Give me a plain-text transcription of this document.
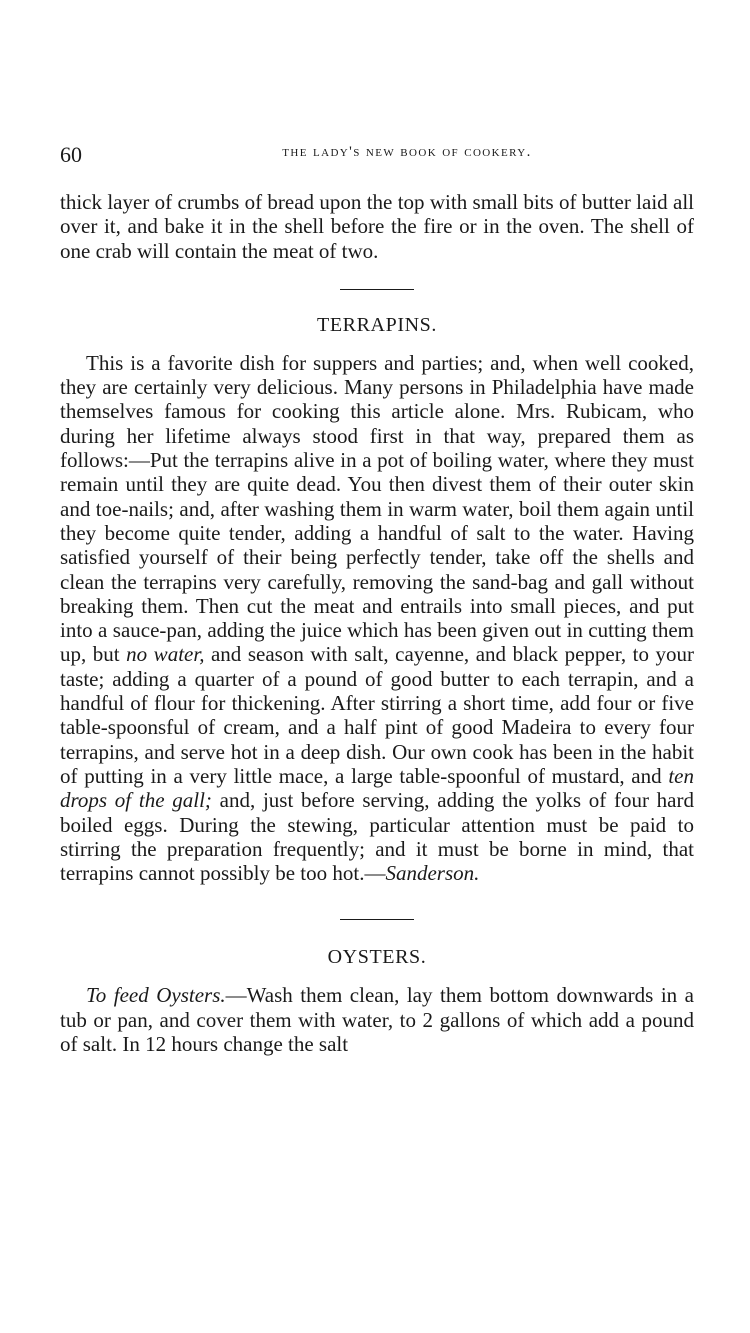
60	the lady's new book of cookery.

thick layer of crumbs of bread upon the top with small bits of butter laid all over it, and bake it in the shell before the fire or in the oven. The shell of one crab will contain the meat of two.

TERRAPINS.

This is a favorite dish for suppers and parties; and, when well cooked, they are certainly very delicious. Many persons in Philadelphia have made themselves famous for cooking this article alone. Mrs. Rubicam, who during her lifetime always stood first in that way, prepared them as follows:—Put the terrapins alive in a pot of boiling water, where they must remain until they are quite dead. You then divest them of their outer skin and toe-nails; and, after washing them in warm water, boil them again until they become quite tender, adding a handful of salt to the water. Having satisfied yourself of their being perfectly tender, take off the shells and clean the terrapins very carefully, removing the sand-bag and gall without breaking them. Then cut the meat and entrails into small pieces, and put into a sauce-pan, adding the juice which has been given out in cutting them up, but no water, and season with salt, cayenne, and black pepper, to your taste; adding a quarter of a pound of good butter to each terrapin, and a handful of flour for thickening. After stirring a short time, add four or five table-spoonsful of cream, and a half pint of good Madeira to every four terrapins, and serve hot in a deep dish. Our own cook has been in the habit of putting in a very little mace, a large table-spoonful of mustard, and ten drops of the gall; and, just before serving, adding the yolks of four hard boiled eggs. During the stewing, particular attention must be paid to stirring the preparation frequently; and it must be borne in mind, that terrapins cannot possibly be too hot.—Sanderson.

OYSTERS.

To feed Oysters.—Wash them clean, lay them bottom downwards in a tub or pan, and cover them with water, to 2 gallons of which add a pound of salt. In 12 hours change the salt
